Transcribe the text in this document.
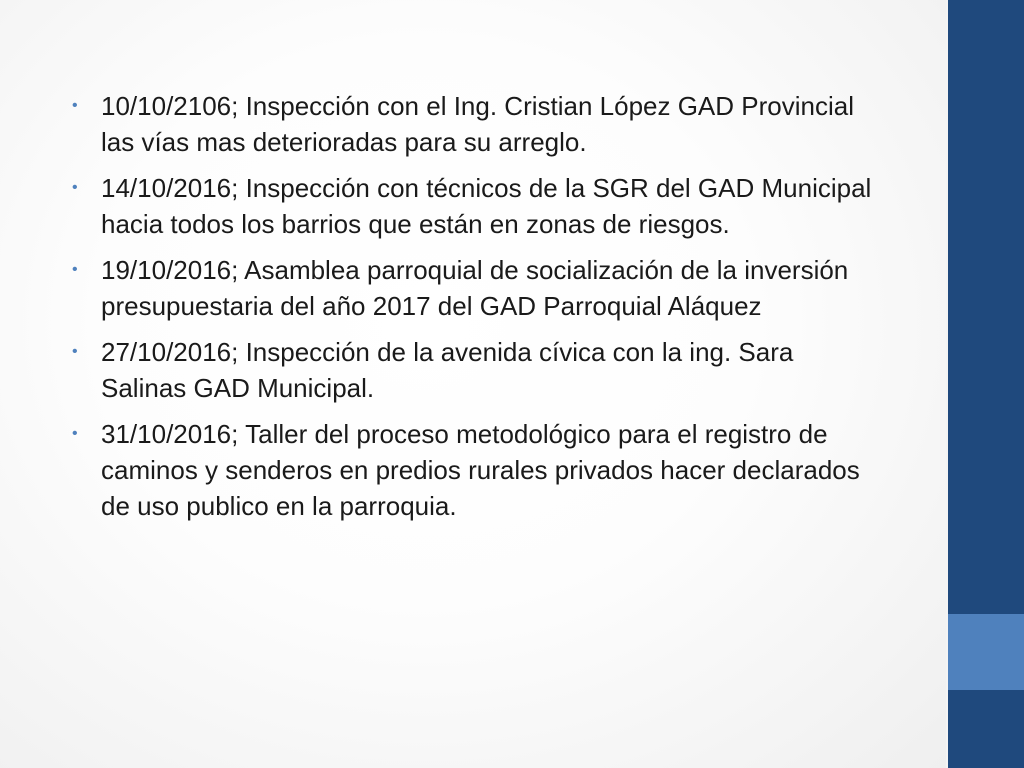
• 10/10/2106; Inspección con el Ing. Cristian López GAD Provincial las vías mas deterioradas para su arreglo.
• 14/10/2016; Inspección con técnicos de la SGR del GAD Municipal hacia todos los barrios que están en zonas de riesgos.
• 19/10/2016; Asamblea parroquial de socialización de la inversión presupuestaria del año 2017 del GAD Parroquial Aláquez
• 27/10/2016; Inspección de la avenida cívica con la ing. Sara Salinas GAD Municipal.
• 31/10/2016; Taller del proceso metodológico para el registro de caminos y senderos en predios rurales privados hacer declarados de uso publico en la parroquia.
